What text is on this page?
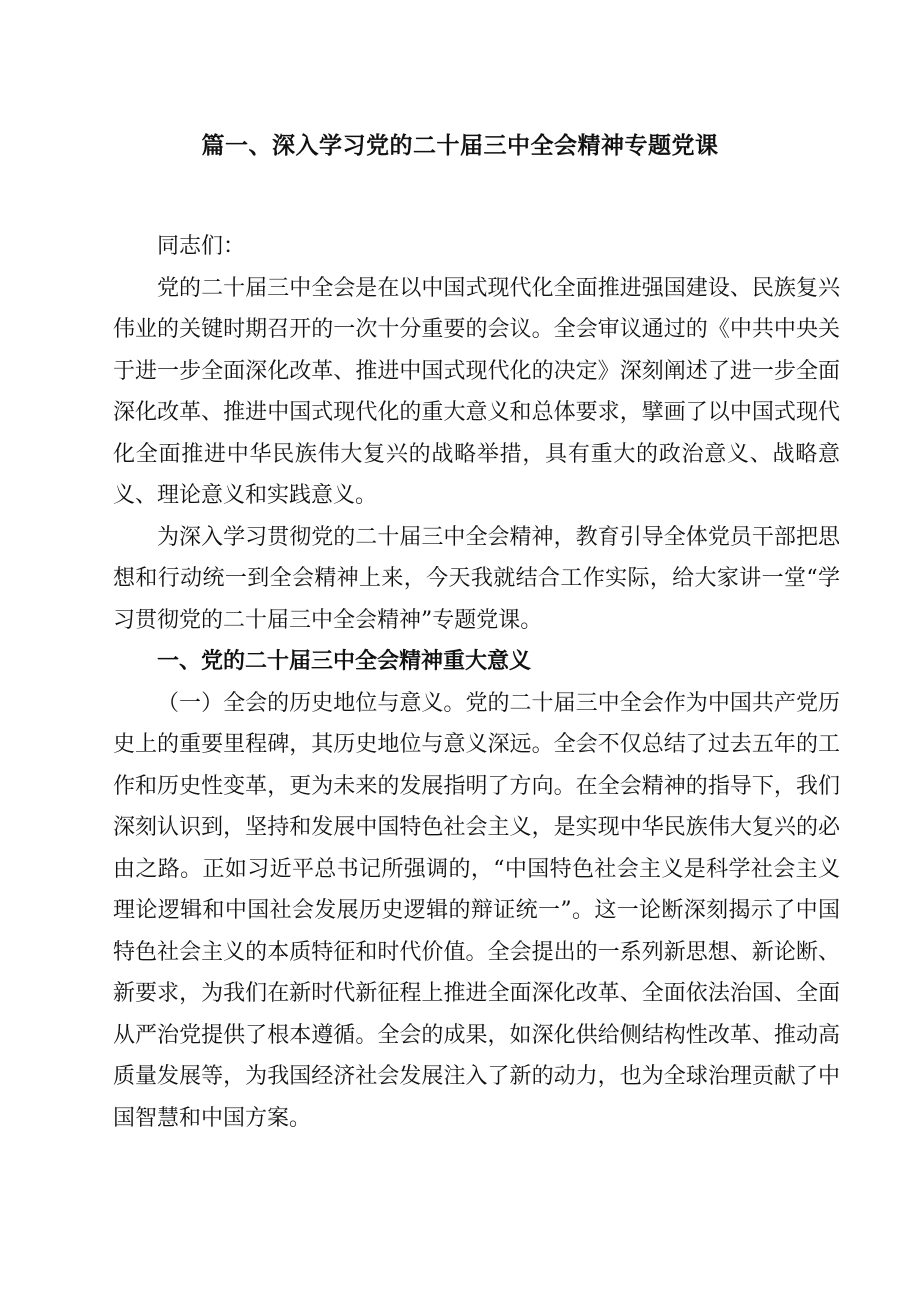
篇一、深入学习党的二十届三中全会精神专题党课

同志们：

党的二十届三中全会是在以中国式现代化全面推进强国建设、民族复兴伟业的关键时期召开的一次十分重要的会议。全会审议通过的《中共中央关于进一步全面深化改革、推进中国式现代化的决定》深刻阐述了进一步全面深化改革、推进中国式现代化的重大意义和总体要求，擘画了以中国式现代化全面推进中华民族伟大复兴的战略举措，具有重大的政治意义、战略意义、理论意义和实践意义。

为深入学习贯彻党的二十届三中全会精神，教育引导全体党员干部把思想和行动统一到全会精神上来，今天我就结合工作实际，给大家讲一堂“学习贯彻党的二十届三中全会精神”专题党课。

一、党的二十届三中全会精神重大意义

（一）全会的历史地位与意义。党的二十届三中全会作为中国共产党历史上的重要里程碑，其历史地位与意义深远。全会不仅总结了过去五年的工作和历史性变革，更为未来的发展指明了方向。在全会精神的指导下，我们深刻认识到，坚持和发展中国特色社会主义，是实现中华民族伟大复兴的必由之路。正如习近平总书记所强调的，“中国特色社会主义是科学社会主义理论逻辑和中国社会发展历史逻辑的辩证统一”。这一论断深刻揭示了中国特色社会主义的本质特征和时代价值。全会提出的一系列新思想、新论断、新要求，为我们在新时代新征程上推进全面深化改革、全面依法治国、全面从严治党提供了根本遵循。全会的成果，如深化供给侧结构性改革、推动高质量发展等，为我国经济社会发展注入了新的动力，也为全球治理贡献了中国智慧和中国方案。
